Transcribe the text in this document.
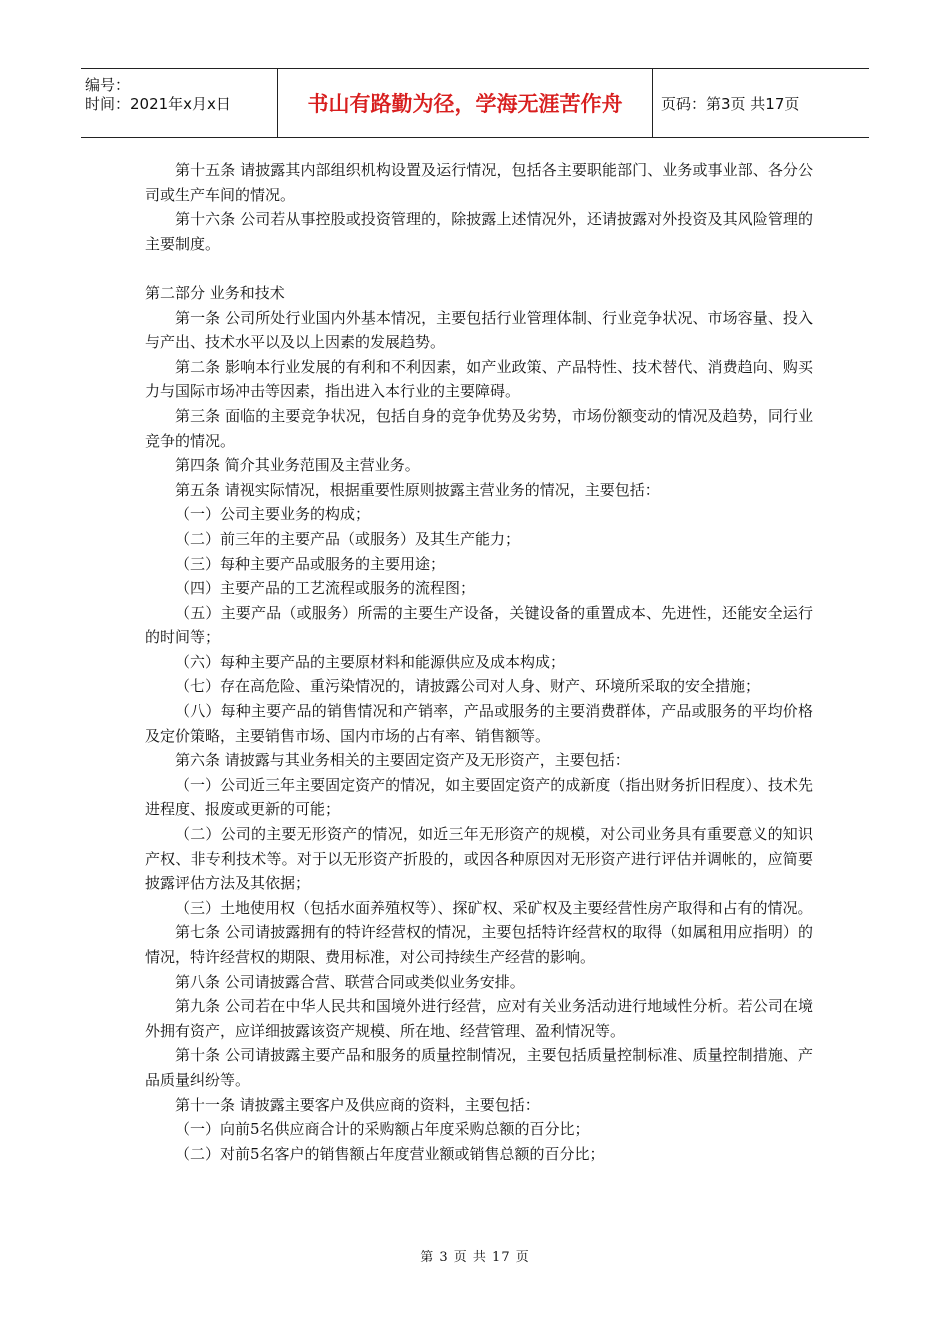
编号：
时间：2021年x月x日	书山有路勤为径，学海无涯苦作舟	页码：第3页 共17页

第十五条 请披露其内部组织机构设置及运行情况，包括各主要职能部门、业务或事业部、各分公司或生产车间的情况。

第十六条 公司若从事控股或投资管理的，除披露上述情况外，还请披露对外投资及其风险管理的主要制度。

第二部分 业务和技术

第一条 公司所处行业国内外基本情况，主要包括行业管理体制、行业竞争状况、市场容量、投入与产出、技术水平以及以上因素的发展趋势。

第二条 影响本行业发展的有利和不利因素，如产业政策、产品特性、技术替代、消费趋向、购买力与国际市场冲击等因素，指出进入本行业的主要障碍。

第三条 面临的主要竞争状况，包括自身的竞争优势及劣势，市场份额变动的情况及趋势，同行业竞争的情况。

第四条 简介其业务范围及主营业务。

第五条 请视实际情况，根据重要性原则披露主营业务的情况，主要包括：

（一）公司主要业务的构成；

（二）前三年的主要产品（或服务）及其生产能力；

（三）每种主要产品或服务的主要用途；

（四）主要产品的工艺流程或服务的流程图；

（五）主要产品（或服务）所需的主要生产设备，关键设备的重置成本、先进性，还能安全运行的时间等；

（六）每种主要产品的主要原材料和能源供应及成本构成；

（七）存在高危险、重污染情况的，请披露公司对人身、财产、环境所采取的安全措施；

（八）每种主要产品的销售情况和产销率，产品或服务的主要消费群体，产品或服务的平均价格及定价策略，主要销售市场、国内市场的占有率、销售额等。

第六条 请披露与其业务相关的主要固定资产及无形资产，主要包括：

（一）公司近三年主要固定资产的情况，如主要固定资产的成新度（指出财务折旧程度）、技术先进程度、报废或更新的可能；

（二）公司的主要无形资产的情况，如近三年无形资产的规模，对公司业务具有重要意义的知识产权、非专利技术等。对于以无形资产折股的，或因各种原因对无形资产进行评估并调帐的，应简要披露评估方法及其依据；

（三）土地使用权（包括水面养殖权等）、探矿权、采矿权及主要经营性房产取得和占有的情况。

第七条 公司请披露拥有的特许经营权的情况，主要包括特许经营权的取得（如属租用应指明）的情况，特许经营权的期限、费用标准，对公司持续生产经营的影响。

第八条 公司请披露合营、联营合同或类似业务安排。

第九条 公司若在中华人民共和国境外进行经营，应对有关业务活动进行地域性分析。若公司在境外拥有资产，应详细披露该资产规模、所在地、经营管理、盈利情况等。

第十条 公司请披露主要产品和服务的质量控制情况，主要包括质量控制标准、质量控制措施、产品质量纠纷等。

第十一条 请披露主要客户及供应商的资料，主要包括：

（一）向前5名供应商合计的采购额占年度采购总额的百分比；

（二）对前5名客户的销售额占年度营业额或销售总额的百分比；

第 3 页 共 17 页
